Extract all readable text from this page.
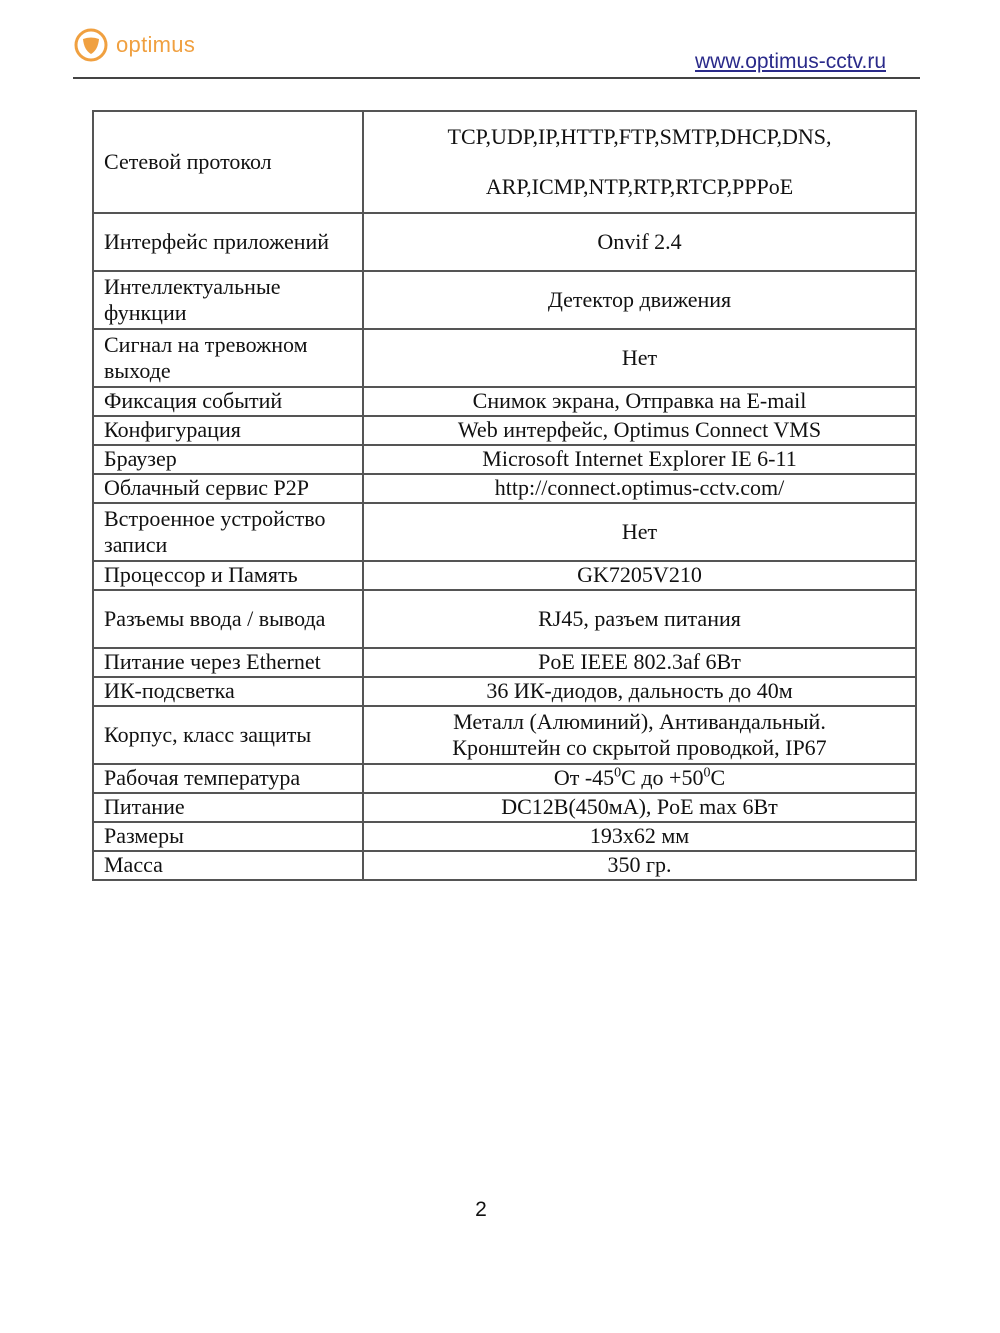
optimus
www.optimus-cctv.ru
Сетевой протокол	TCP,UDP,IP,HTTP,FTP,SMTP,DHCP,DNS,
ARP,ICMP,NTP,RTP,RTCP,PPPoE

Интерфейс приложений	Onvif 2.4
Интеллектуальные функции	Детектор движения
Сигнал на тревожном выходе	Нет
Фиксация событий	Снимок экрана, Отправка на E-mail
Конфигурация	Web интерфейс, Optimus Connect VMS
Браузер	Microsoft Internet Explorer IE 6-11
Облачный сервис P2P	http://connect.optimus-cctv.com/
Встроенное устройство записи	Нет
Процессор и Память	GK7205V210
Разъемы ввода / вывода	RJ45, разъем питания
Питание через Ethernet	PoE IEEE 802.3af 6Вт
ИК-подсветка	36 ИК-диодов, дальность до 40м
Корпус, класс защиты	Металл (Алюминий), Антивандальный.
Кронштейн со скрытой проводкой, IP67

Рабочая температура	От $-45^0C$ до $+50^0C$
Питание	DC12В(450мА), PoE max 6Вт
Размеры	193х62 мм
Масса	350 гр.
2
